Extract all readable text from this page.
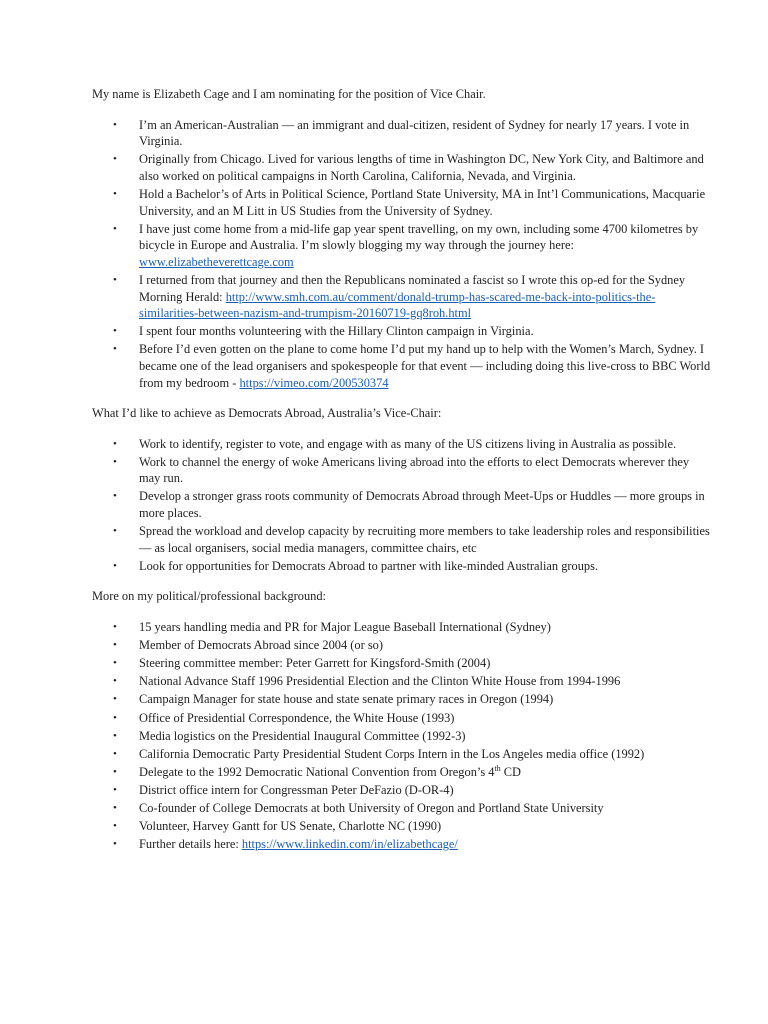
My name is Elizabeth Cage and I am nominating for the position of Vice Chair.

• I’m an American-Australian — an immigrant and dual-citizen, resident of Sydney for nearly 17 years. I vote in Virginia.
• Originally from Chicago. Lived for various lengths of time in Washington DC, New York City, and Baltimore and also worked on political campaigns in North Carolina, California, Nevada, and Virginia.
• Hold a Bachelor’s of Arts in Political Science, Portland State University, MA in Int’l Communications, Macquarie University, and an M Litt in US Studies from the University of Sydney.
• I have just come home from a mid-life gap year spent travelling, on my own, including some 4700 kilometres by bicycle in Europe and Australia. I’m slowly blogging my way through the journey here: www.elizabetheverettcage.com
• I returned from that journey and then the Republicans nominated a fascist so I wrote this op-ed for the Sydney Morning Herald: http://www.smh.com.au/comment/donald-trump-has-scared-me-back-into-politics-the-similarities-between-nazism-and-trumpism-20160719-gq8roh.html
• I spent four months volunteering with the Hillary Clinton campaign in Virginia.
• Before I’d even gotten on the plane to come home I’d put my hand up to help with the Women’s March, Sydney. I became one of the lead organisers and spokespeople for that event — including doing this live-cross to BBC World from my bedroom - https://vimeo.com/200530374

What I’d like to achieve as Democrats Abroad, Australia’s Vice-Chair:

• Work to identify, register to vote, and engage with as many of the US citizens living in Australia as possible.
• Work to channel the energy of woke Americans living abroad into the efforts to elect Democrats wherever they may run.
• Develop a stronger grass roots community of Democrats Abroad through Meet-Ups or Huddles — more groups in more places.
• Spread the workload and develop capacity by recruiting more members to take leadership roles and responsibilities — as local organisers, social media managers, committee chairs, etc
• Look for opportunities for Democrats Abroad to partner with like-minded Australian groups.

More on my political/professional background:

• 15 years handling media and PR for Major League Baseball International (Sydney)
• Member of Democrats Abroad since 2004 (or so)
• Steering committee member: Peter Garrett for Kingsford-Smith (2004)
• National Advance Staff 1996 Presidential Election and the Clinton White House from 1994-1996
• Campaign Manager for state house and state senate primary races in Oregon (1994)
• Office of Presidential Correspondence, the White House (1993)
• Media logistics on the Presidential Inaugural Committee (1992-3)
• California Democratic Party Presidential Student Corps Intern in the Los Angeles media office (1992)
• Delegate to the 1992 Democratic National Convention from Oregon’s 4th CD
• District office intern for Congressman Peter DeFazio (D-OR-4)
• Co-founder of College Democrats at both University of Oregon and Portland State University
• Volunteer, Harvey Gantt for US Senate, Charlotte NC (1990)
• Further details here: https://www.linkedin.com/in/elizabethcage/
